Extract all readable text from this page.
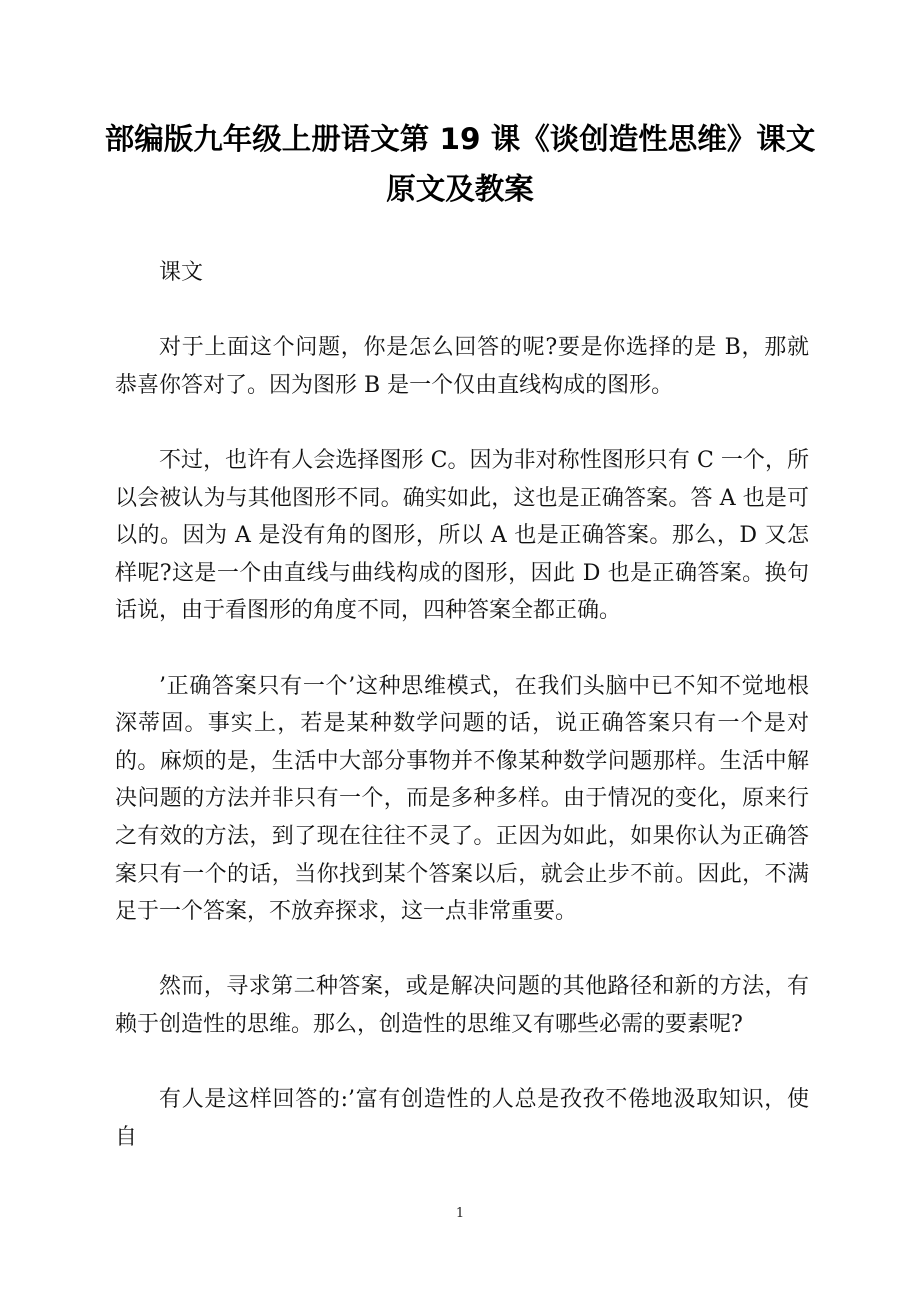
部编版九年级上册语文第 19 课《谈创造性思维》课文原文及教案

课文

对于上面这个问题，你是怎么回答的呢?要是你选择的是 B，那就恭喜你答对了。因为图形 B 是一个仅由直线构成的图形。

不过，也许有人会选择图形 C。因为非对称性图形只有 C 一个，所以会被认为与其他图形不同。确实如此，这也是正确答案。答 A 也是可以的。因为 A 是没有角的图形，所以 A 也是正确答案。那么，D 又怎样呢?这是一个由直线与曲线构成的图形，因此 D 也是正确答案。换句话说，由于看图形的角度不同，四种答案全都正确。

’正确答案只有一个’这种思维模式，在我们头脑中已不知不觉地根深蒂固。事实上，若是某种数学问题的话，说正确答案只有一个是对的。麻烦的是，生活中大部分事物并不像某种数学问题那样。生活中解决问题的方法并非只有一个，而是多种多样。由于情况的变化，原来行之有效的方法，到了现在往往不灵了。正因为如此，如果你认为正确答案只有一个的话，当你找到某个答案以后，就会止步不前。因此，不满足于一个答案，不放弃探求，这一点非常重要。

然而，寻求第二种答案，或是解决问题的其他路径和新的方法，有赖于创造性的思维。那么，创造性的思维又有哪些必需的要素呢?

有人是这样回答的:’富有创造性的人总是孜孜不倦地汲取知识，使自

1
